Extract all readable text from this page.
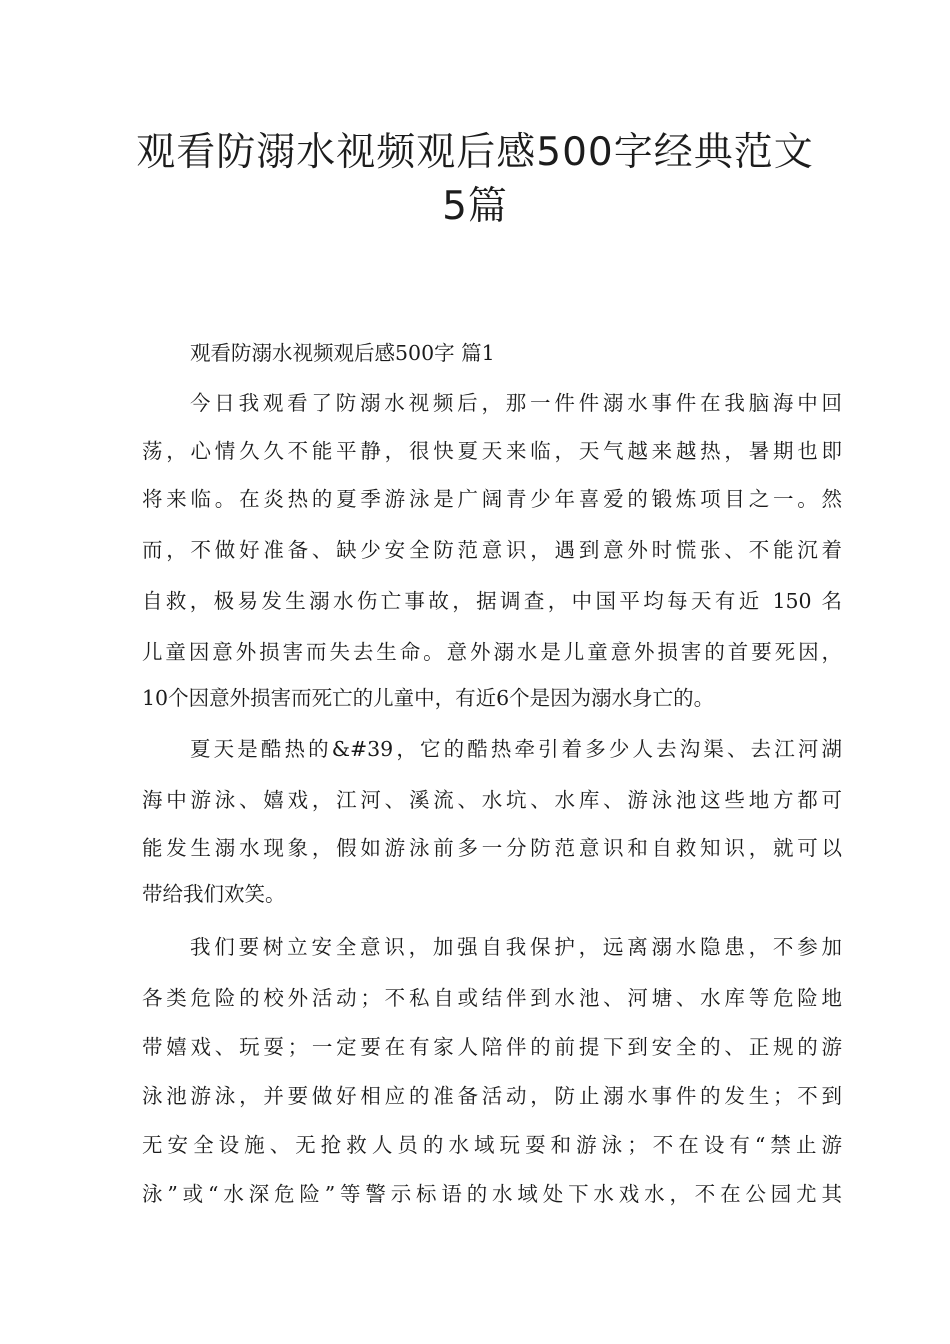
观看防溺水视频观后感500字经典范文
5篇
观看防溺水视频观后感500字 篇1
今日我观看了防溺水视频后，那一件件溺水事件在我脑海中回
荡，心情久久不能平静，很快夏天来临，天气越来越热，暑期也即
将来临。在炎热的夏季游泳是广阔青少年喜爱的锻炼项目之一。然
而，不做好准备、缺少安全防范意识，遇到意外时慌张、不能沉着
自救，极易发生溺水伤亡事故，据调查，中国平均每天有近 150 名
儿童因意外损害而失去生命。意外溺水是儿童意外损害的首要死因，
10个因意外损害而死亡的儿童中，有近6个是因为溺水身亡的。
夏天是酷热的&#39，它的酷热牵引着多少人去沟渠、去江河湖
海中游泳、嬉戏，江河、溪流、水坑、水库、游泳池这些地方都可
能发生溺水现象，假如游泳前多一分防范意识和自救知识，就可以
带给我们欢笑。
我们要树立安全意识，加强自我保护，远离溺水隐患，不参加
各类危险的校外活动；不私自或结伴到水池、河塘、水库等危险地
带嬉戏、玩耍；一定要在有家人陪伴的前提下到安全的、正规的游
泳池游泳，并要做好相应的准备活动，防止溺水事件的发生；不到
无安全设施、无抢救人员的水域玩耍和游泳；不在设有“禁止游
泳”或“水深危险”等警示标语的水域处下水戏水，不在公园尤其
